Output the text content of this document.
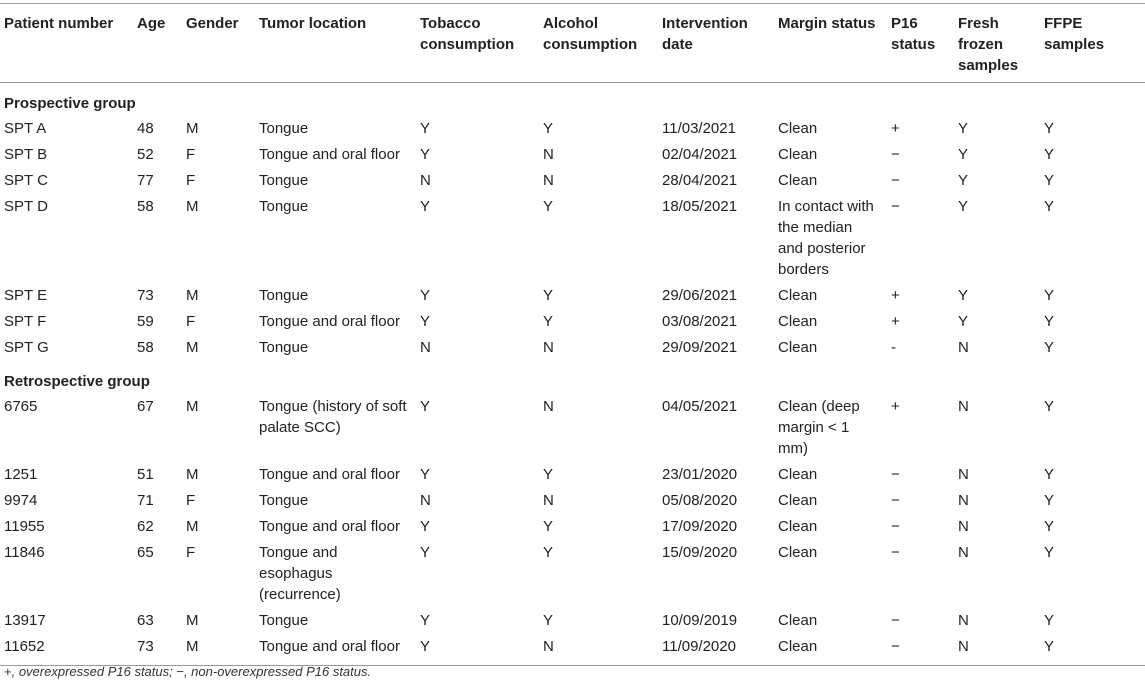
Patient number	Age	Gender	Tumor location	Tobacco consumption	Alcohol consumption	Intervention date	Margin status	P16 status	Fresh frozen samples	FFPE samples
Prospective group										
SPT A	48	M	Tongue	Y	Y	11/03/2021	Clean	+	Y	Y
SPT B	52	F	Tongue and oral floor	Y	N	02/04/2021	Clean	−	Y	Y
SPT C	77	F	Tongue	N	N	28/04/2021	Clean	−	Y	Y
SPT D	58	M	Tongue	Y	Y	18/05/2021	In contact with the median and posterior borders	−	Y	Y
SPT E	73	M	Tongue	Y	Y	29/06/2021	Clean	+	Y	Y
SPT F	59	F	Tongue and oral floor	Y	Y	03/08/2021	Clean	+	Y	Y
SPT G	58	M	Tongue	N	N	29/09/2021	Clean	-	N	Y
Retrospective group										
6765	67	M	Tongue (history of soft palate SCC)	Y	N	04/05/2021	Clean (deep margin < 1 mm)	+	N	Y
1251	51	M	Tongue and oral floor	Y	Y	23/01/2020	Clean	−	N	Y
9974	71	F	Tongue	N	N	05/08/2020	Clean	−	N	Y
11955	62	M	Tongue and oral floor	Y	Y	17/09/2020	Clean	−	N	Y
11846	65	F	Tongue and esophagus (recurrence)	Y	Y	15/09/2020	Clean	−	N	Y
13917	63	M	Tongue	Y	Y	10/09/2019	Clean	−	N	Y
11652	73	M	Tongue and oral floor	Y	N	11/09/2020	Clean	−	N	Y
+, overexpressed P16 status; −, non-overexpressed P16 status.
